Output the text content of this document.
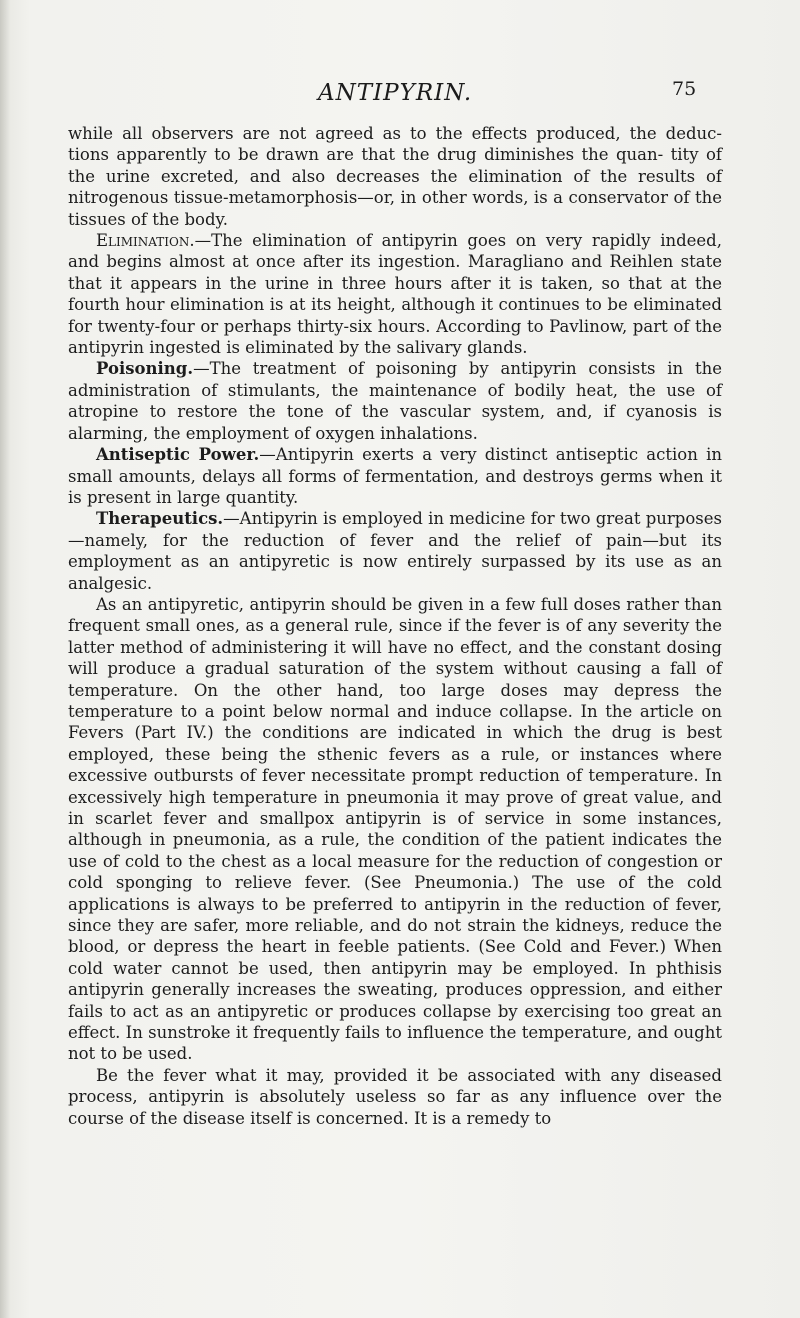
ANTIPYRIN.	75

while all observers are not agreed as to the effects produced, the deduc- tions apparently to be drawn are that the drug diminishes the quan- tity of the urine excreted, and also decreases the elimination of the results of nitrogenous tissue-metamorphosis—or, in other words, is a conservator of the tissues of the body.

Elimination.—The elimination of antipyrin goes on very rapidly indeed, and begins almost at once after its ingestion. Maragliano and Reihlen state that it appears in the urine in three hours after it is taken, so that at the fourth hour elimination is at its height, although it continues to be eliminated for twenty-four or perhaps thirty-six hours. According to Pavlinow, part of the antipyrin ingested is eliminated by the salivary glands.

Poisoning.—The treatment of poisoning by antipyrin consists in the administration of stimulants, the maintenance of bodily heat, the use of atropine to restore the tone of the vascular system, and, if cyanosis is alarming, the employment of oxygen inhalations.

Antiseptic Power.—Antipyrin exerts a very distinct antiseptic action in small amounts, delays all forms of fermentation, and destroys germs when it is present in large quantity.

Therapeutics.—Antipyrin is employed in medicine for two great purposes—namely, for the reduction of fever and the relief of pain—but its employment as an antipyretic is now entirely surpassed by its use as an analgesic.

As an antipyretic, antipyrin should be given in a few full doses rather than frequent small ones, as a general rule, since if the fever is of any severity the latter method of administering it will have no effect, and the constant dosing will produce a gradual saturation of the system without causing a fall of temperature. On the other hand, too large doses may depress the temperature to a point below normal and induce collapse. In the article on Fevers (Part IV.) the conditions are indicated in which the drug is best employed, these being the sthenic fevers as a rule, or instances where excessive outbursts of fever necessitate prompt reduction of temperature. In excessively high temperature in pneumonia it may prove of great value, and in scarlet fever and smallpox antipyrin is of service in some instances, although in pneumonia, as a rule, the condition of the patient indicates the use of cold to the chest as a local measure for the reduction of congestion or cold sponging to relieve fever. (See Pneumonia.) The use of the cold applications is always to be preferred to antipyrin in the reduction of fever, since they are safer, more reliable, and do not strain the kidneys, reduce the blood, or depress the heart in feeble patients. (See Cold and Fever.) When cold water cannot be used, then antipyrin may be employed. In phthisis antipyrin generally increases the sweating, produces oppression, and either fails to act as an antipyretic or produces collapse by exercising too great an effect. In sunstroke it frequently fails to influence the temperature, and ought not to be used.

Be the fever what it may, provided it be associated with any diseased process, antipyrin is absolutely useless so far as any influence over the course of the disease itself is concerned. It is a remedy to
